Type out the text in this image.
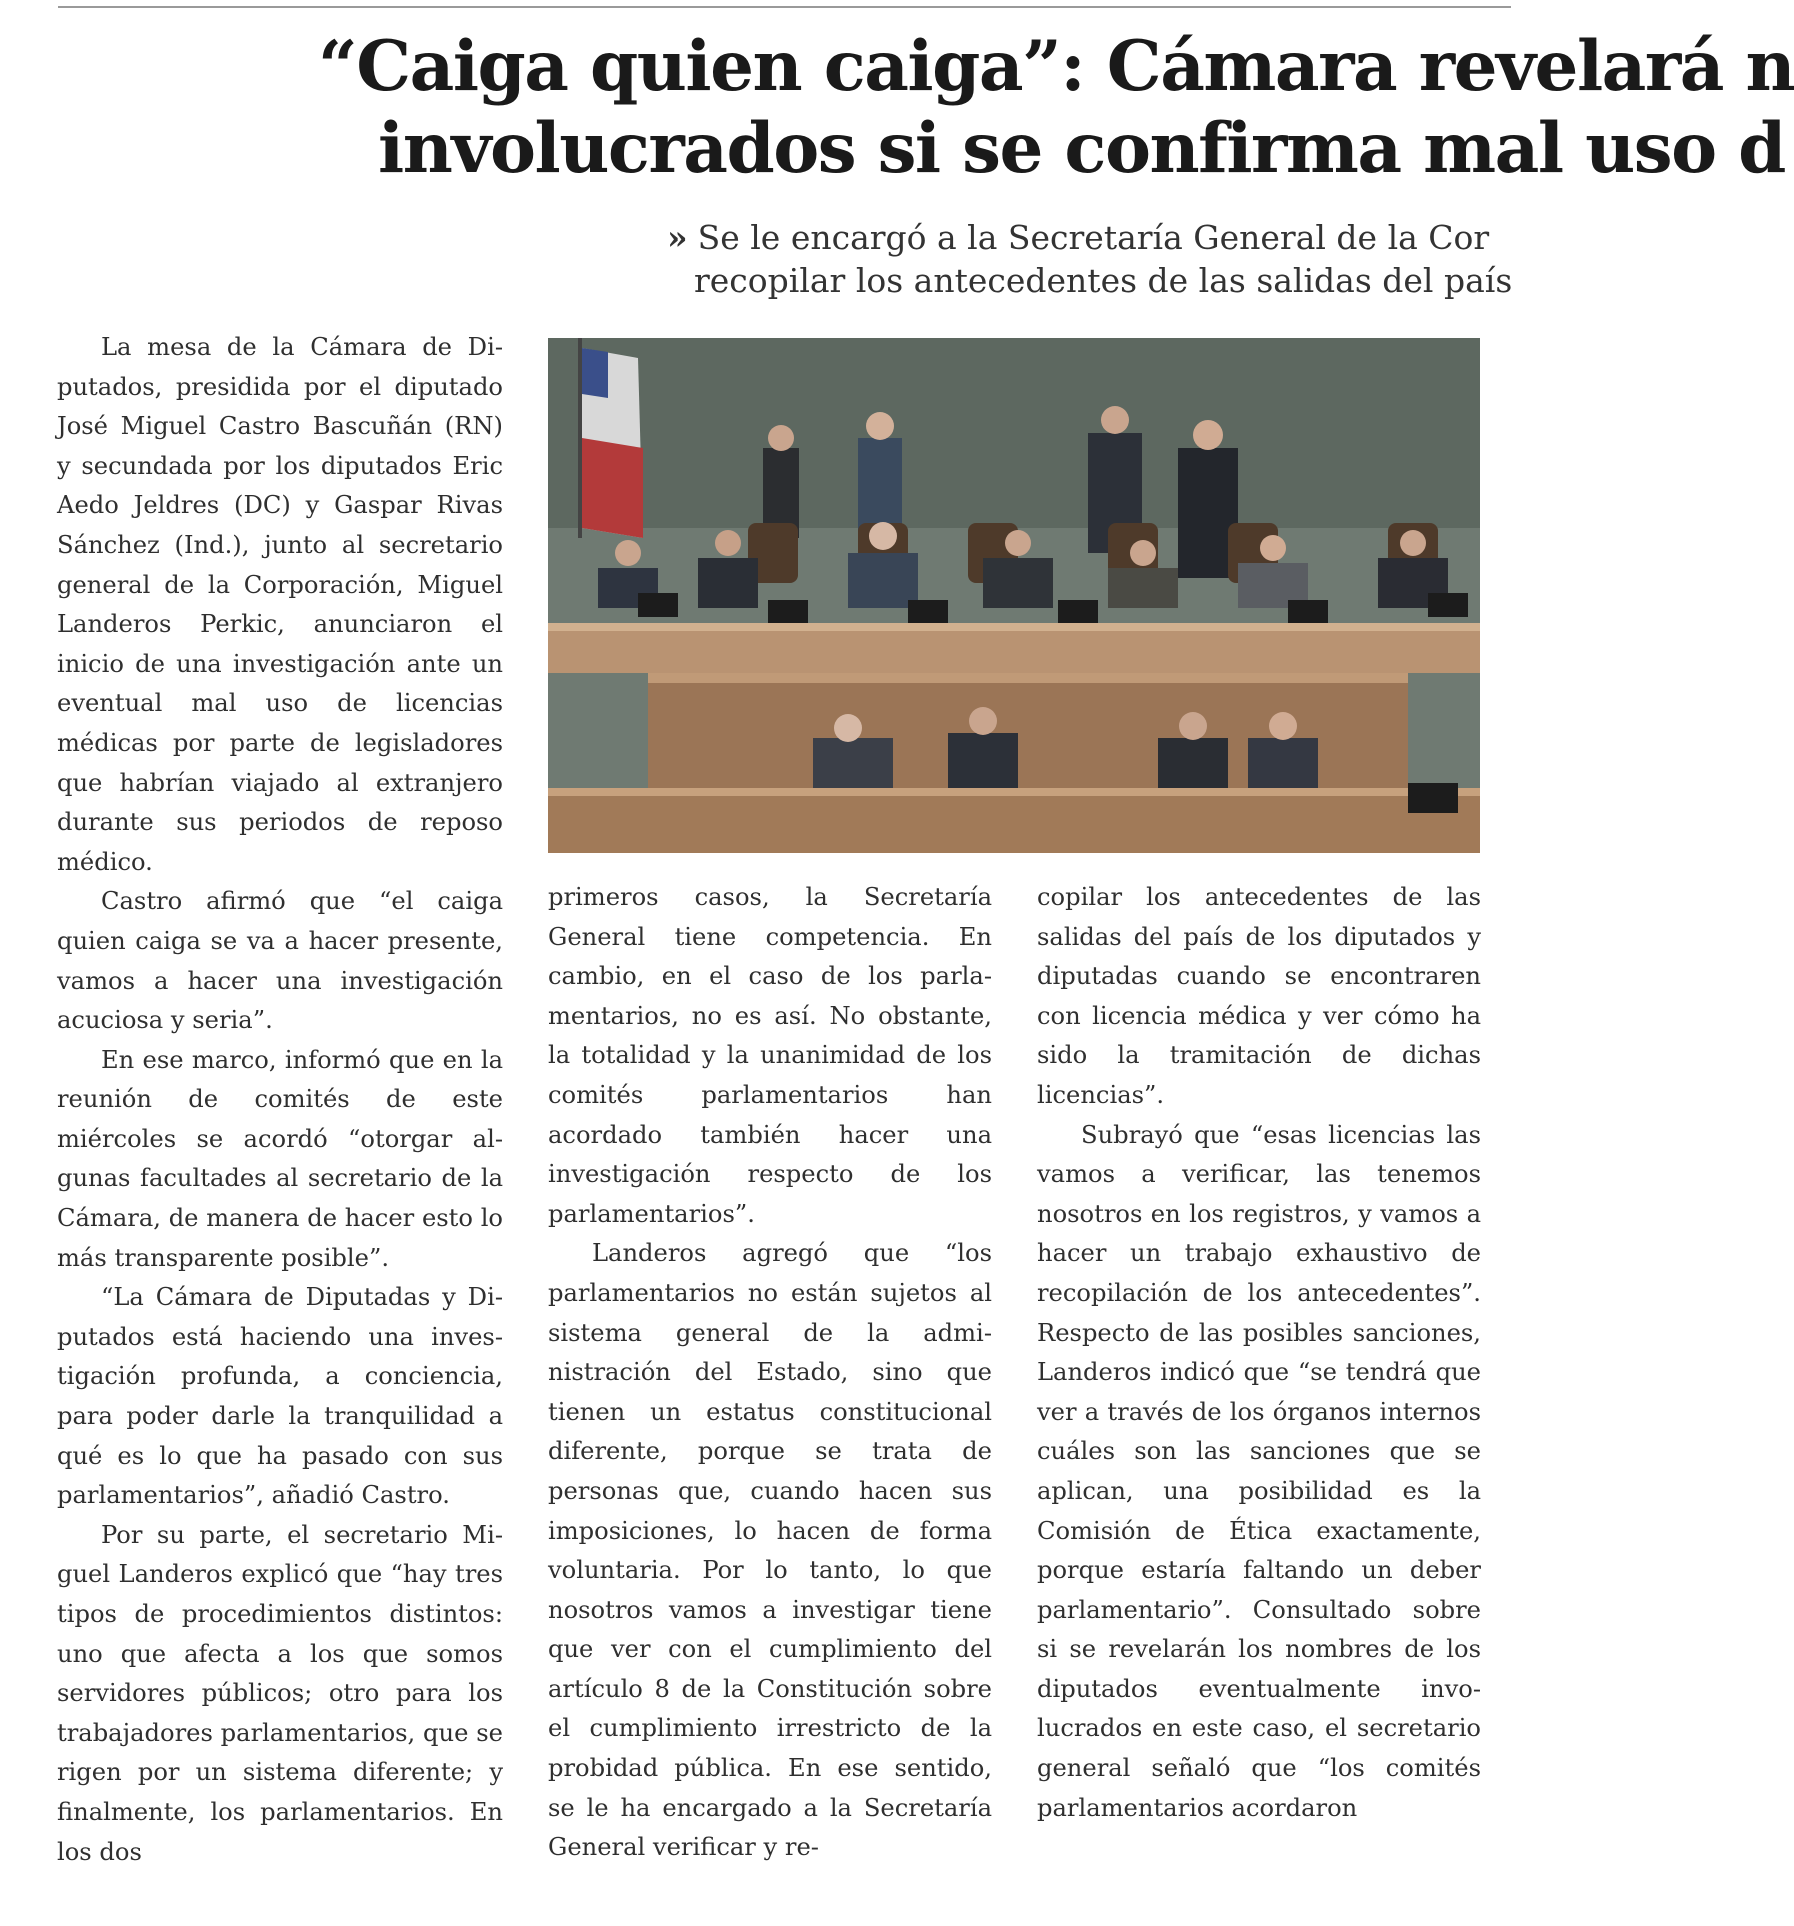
“Caiga quien caiga”: Cámara revelará n
involucrados si se confirma mal uso d
» Se le encargó a la Secretaría General de la Cor
recopilar los antecedentes de las salidas del país

La mesa de la Cámara de Diputados, presidida por el diputado José Miguel Castro Bascuñán (RN) y secundada por los diputados Eric Aedo Jeldres (DC) y Gaspar Rivas Sánchez (Ind.), junto al secretario general de la Corporación, Miguel Landeros Perkic, anunciaron el inicio de una investigación ante un eventual mal uso de licencias médicas por parte de legisladores que habrían viajado al extranjero durante sus periodos de reposo médico.

Castro afirmó que “el caiga quien caiga se va a hacer presente, vamos a hacer una investigación acuciosa y seria”.

En ese marco, informó que en la reunión de comités de este miércoles se acordó “otorgar algunas facultades al secretario de la Cámara, de manera de hacer esto lo más transparente posible”.

“La Cámara de Diputadas y Diputados está haciendo una investigación profunda, a conciencia, para poder darle la tranquilidad a qué es lo que ha pasado con sus parlamentarios”, añadió Castro.

Por su parte, el secretario Miguel Landeros explicó que “hay tres tipos de procedimientos distintos: uno que afecta a los que somos servidores públicos; otro para los trabajadores parlamentarios, que se rigen por un sistema diferente; y finalmente, los parlamentarios. En los dos

primeros casos, la Secretaría General tiene competencia. En cambio, en el caso de los parlamentarios, no es así. No obstante, la totalidad y la unanimidad de los comités parlamentarios han acordado también hacer una investigación respecto de los parlamentarios”.

Landeros agregó que “los parlamentarios no están sujetos al sistema general de la administración del Estado, sino que tienen un estatus constitucional diferente, porque se trata de personas que, cuando hacen sus imposiciones, lo hacen de forma voluntaria. Por lo tanto, lo que nosotros vamos a investigar tiene que ver con el cumplimiento del artículo 8 de la Constitución sobre el cumplimiento irrestricto de la probidad pública. En ese sentido, se le ha encargado a la Secretaría General verificar y re-

copilar los antecedentes de las salidas del país de los diputados y diputadas cuando se encontraren con licencia médica y ver cómo ha sido la tramitación de dichas licencias”.

Subrayó que “esas licencias las vamos a verificar, las tenemos nosotros en los registros, y vamos a hacer un trabajo exhaustivo de recopilación de los antecedentes”. Respecto de las posibles sanciones, Landeros indicó que “se tendrá que ver a través de los órganos internos cuáles son las sanciones que se aplican, una posibilidad es la Comisión de Ética exactamente, porque estaría faltando un deber parlamentario”. Consultado sobre si se revelarán los nombres de los diputados eventualmente involucrados en este caso, el secretario general señaló que “los comités parlamentarios acordaron
